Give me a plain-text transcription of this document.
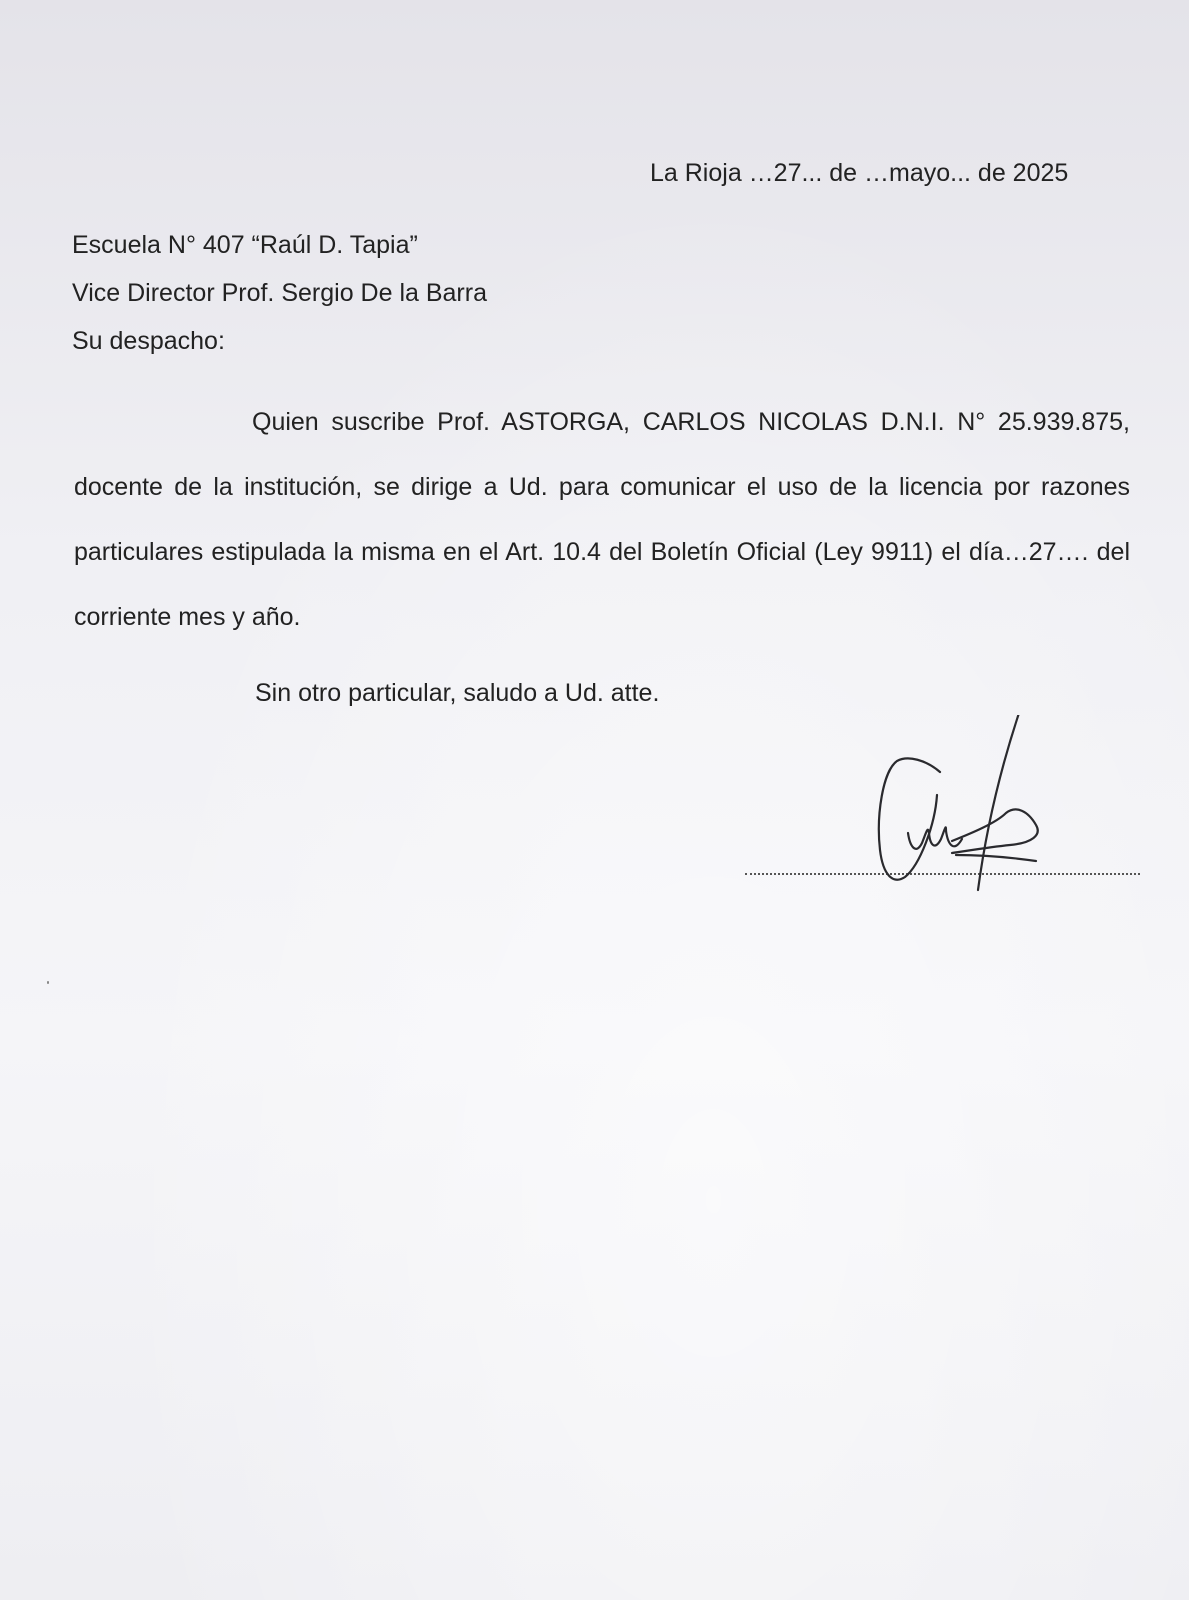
La Rioja …27... de …mayo... de 2025

Escuela N° 407 “Raúl D. Tapia”

Vice Director Prof. Sergio De la Barra

Su despacho:

Quien suscribe Prof. ASTORGA, CARLOS NICOLAS D.N.I. N° 25.939.875, docente de la institución, se dirige a Ud. para comunicar el uso de la licencia por razones particulares estipulada la misma en el Art. 10.4 del Boletín Oficial (Ley 9911) el día…27…. del corriente mes y año.

Sin otro particular, saludo a Ud. atte.
